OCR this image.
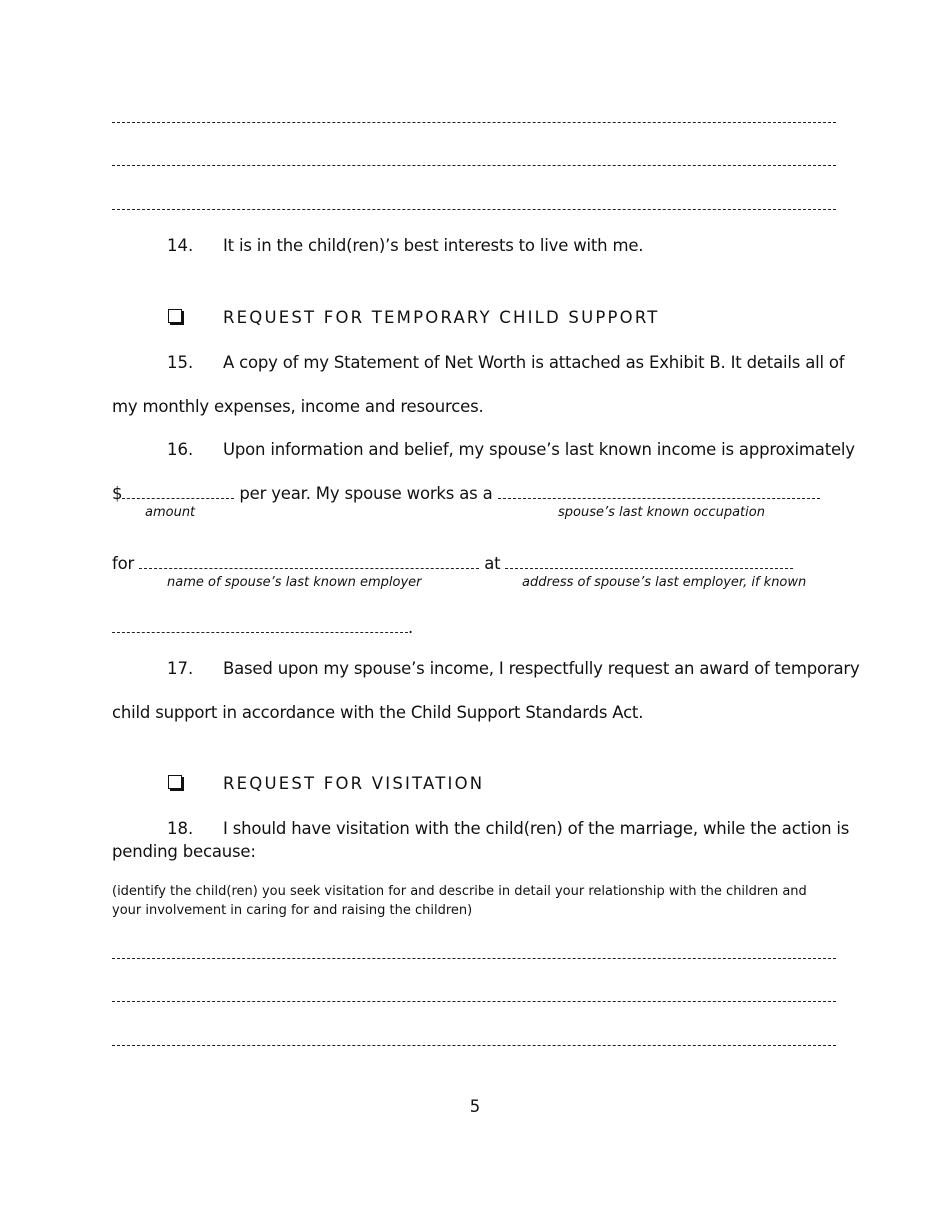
14. It is in the child(ren)’s best interests to live with me.
REQUEST FOR TEMPORARY CHILD SUPPORT
15. A copy of my Statement of Net Worth is attached as Exhibit B. It details all of
my monthly expenses, income and resources.
16. Upon information and belief, my spouse’s last known income is approximately
$	per year. My spouse works as a
amount	spouse’s last known occupation
for	at
name of spouse’s last known employer	address of spouse’s last employer, if known
.
17. Based upon my spouse’s income, I respectfully request an award of temporary
child support in accordance with the Child Support Standards Act.
REQUEST FOR VISITATION
18. I should have visitation with the child(ren) of the marriage, while the action is
pending because:
(identify the child(ren) you seek visitation for and describe in detail your relationship with the children and your involvement in caring for and raising the children)
5
